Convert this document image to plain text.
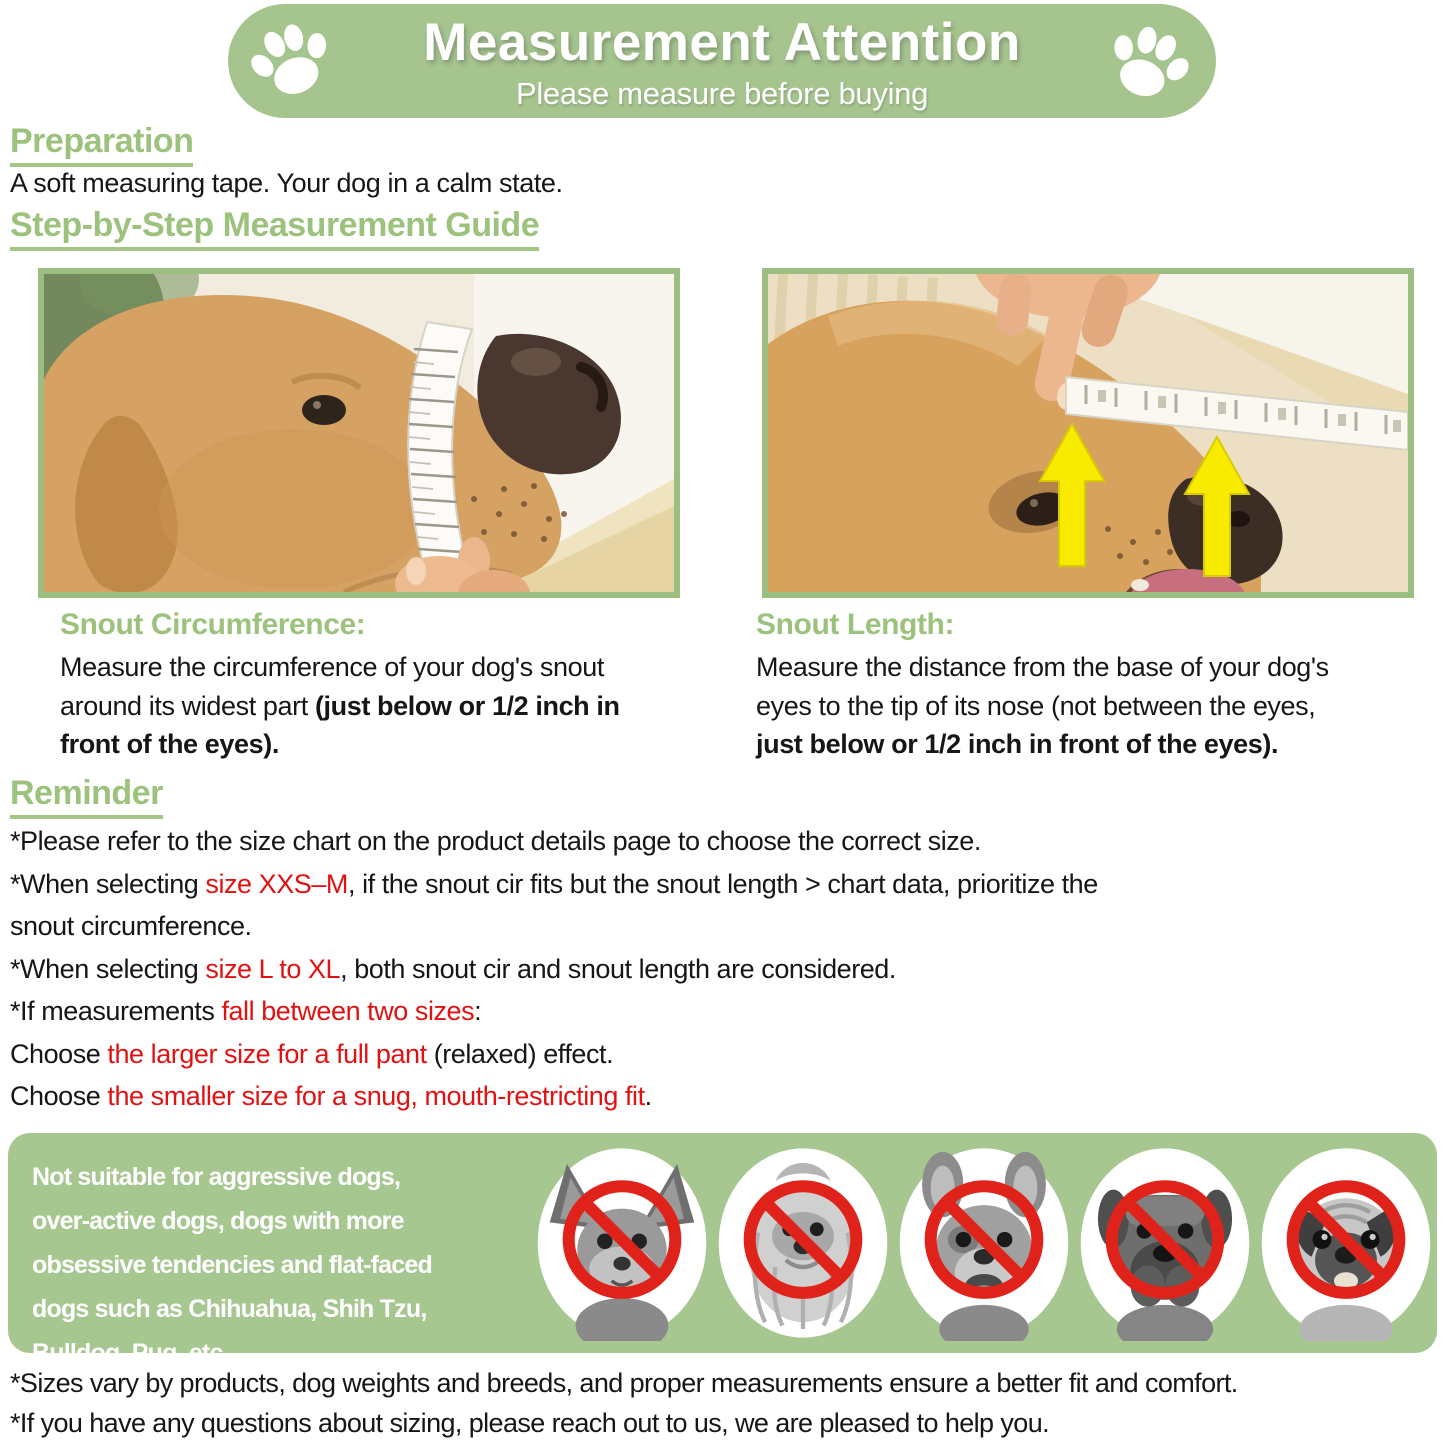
Measurement Attention
Please measure before buying
Preparation
A soft measuring tape. Your dog in a calm state.
Step-by-Step Measurement Guide
Snout Circumference:
Measure the circumference of your dog's snout
around its widest part (just below or 1/2 inch in
front of the eyes).
Snout Length:
Measure the distance from the base of your dog's
eyes to the tip of its nose (not between the eyes,
just below or 1/2 inch in front of the eyes).
Reminder
*Please refer to the size chart on the product details page to choose the correct size.
*When selecting size XXS–M, if the snout cir fits but the snout length > chart data, prioritize the
snout circumference.
*When selecting size L to XL, both snout cir and snout length are considered.
*If measurements fall between two sizes:
Choose the larger size for a full pant (relaxed) effect.
Choose the smaller size for a snug, mouth-restricting fit.
Not suitable for aggressive dogs,
over-active dogs, dogs with more
obsessive tendencies and flat-faced
dogs such as Chihuahua, Shih Tzu,
Bulldog, Pug, etc
*Sizes vary by products, dog weights and breeds, and proper measurements ensure a better fit and comfort.
*If you have any questions about sizing, please reach out to us, we are pleased to help you.
